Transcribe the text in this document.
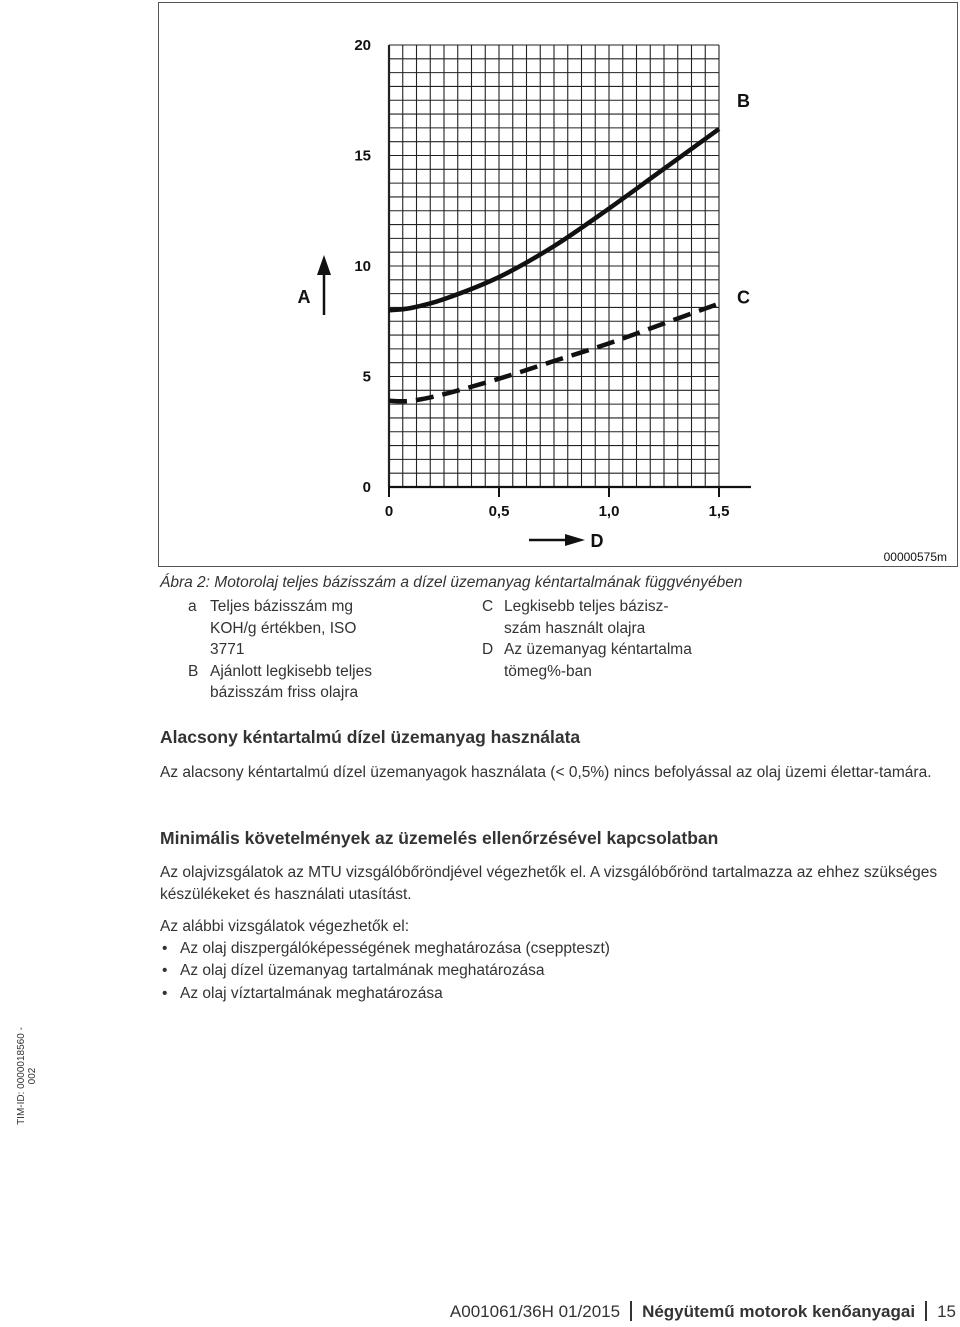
0	0,5	1,0	1,5
0
5
10
15
20
A
D
B
C
00000575m
Ábra 2: Motorolaj teljes bázisszám a dízel üzemanyag kéntartalmának függvényében
a Teljes bázisszám mg
KOH/g értékben, ISO
3771
B Ajánlott legkisebb teljes
bázisszám friss olajra
C Legkisebb teljes bázisz-
szám használt olajra
D Az üzemanyag kéntartalma
tömeg%-ban
Alacsony kéntartalmú dízel üzemanyag használata

Az alacsony kéntartalmú dízel üzemanyagok használata (< 0,5%) nincs befolyással az olaj üzemi élettar-tamára.

Minimális követelmények az üzemelés ellenőrzésével kapcsolatban

Az olajvizsgálatok az MTU vizsgálóbőröndjével végezhetők el. A vizsgálóbőrönd tartalmazza az ehhez szükséges készülékeket és használati utasítást.

Az alábbi vizsgálatok végezhetők el:

• Az olaj diszpergálóképességének meghatározása (cseppteszt)
• Az olaj dízel üzemanyag tartalmának meghatározása
• Az olaj víztartalmának meghatározása
TIM-ID: 0000018560 - 002
A001061/36H 01/2015 Négyütemű motorok kenőanyagai 15
